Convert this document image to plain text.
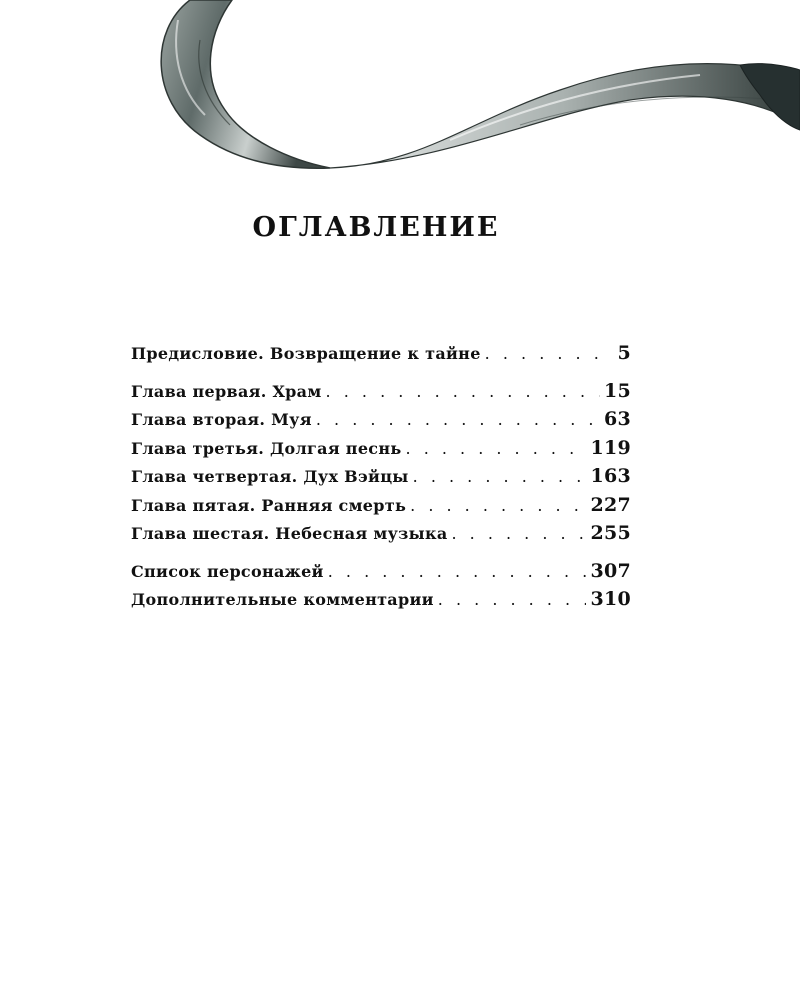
ОГЛАВЛЕНИЕ
Предисловие. Возвращение к тайне . . .	5
Глава первая. Храм . . .	15
Глава вторая. Муя . . .	63
Глава третья. Долгая песнь . . .	119
Глава четвертая. Дух Вэйцы . . .	163
Глава пятая. Ранняя смерть . . .	227
Глава шестая. Небесная музыка . . .	255
Список персонажей . . .	307
Дополнительные комментарии . . .	310
